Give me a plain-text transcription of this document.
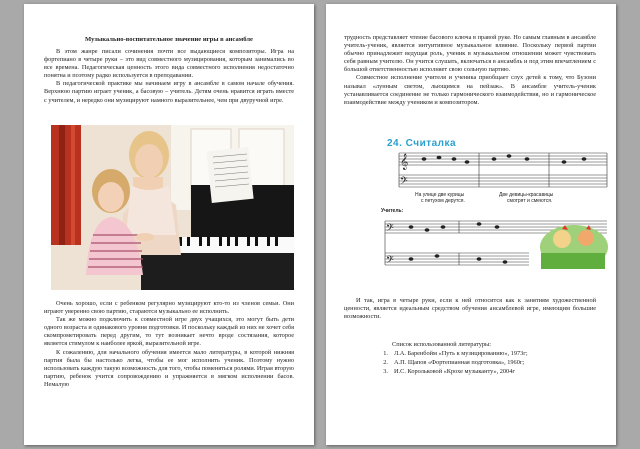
Музыкально-воспитательное значение игры в ансамбле

В этом жанре писали сочинения почти все выдающиеся композиторы. Игра на фортепиано в четыре руки – это вид совместного музицирования, которым занимались во все времена. Педагогическая ценность этого вида совместного исполнения недостаточно понятна и поэтому радко используется в преподавании.

В педагогической практике мы начинаем игру в ансамбле в самом начале обучения. Верхнюю партию играет ученик, а басовую – учитель. Детям очень нравится играть вместе с учителем, и нередко они музицируют намного выразительнее, чем при двуручной игре.

Очень хорошо, если с ребенком регулярно музицируют кто-то из членов семьи. Они играют уверенно свою партию, стараются музыкально ее исполнить.

Так же можно подключить к совместной игре двух учащихся, это могут быть дети одного возраста и одинакового уровня подготовки. И поскольку каждый из них не хочет себя скомпрометировать перед другим, то тут возникает нечто вроде состязания, которое является стимулом к наиболее яркой, выразительной игре.

К сожалению, для начального обучения имеется мало литературы, в которой нижняя партия была бы настолько легка, чтобы ее мог исполнить ученик. Поэтому нужно использовать каждую такую возможность для того, чтобы поменяться ролями. Играя вторую партию, ребенок учится сопровождению и упражняется в мягком исполнении басов. Немалую

трудность представляет чтение басового ключа в правой руке. Но самым главным в ансамбле учитель-ученик, является интуитивное музыкальное влияние. Поскольку первой партии обычно принадлежит ведущая роль, ученик в музыкальном отношении может чувствовать себя равным учителю. Он учится слушать, включаться в ансамбль и под этим впечатлением с большой ответственностью исполняет свою сольную партию.

Совместное исполнение учителя и ученика приобщает слух детей к тому, что Бузони называл «лунным светом, льющимся на пейзаж». В ансамбле учитель-ученик устанавливается соединение не только гармонического взаимодействия, но и гармоническое взаимодействие между учеником и композитором.

𝄞
𝄢
𝄢
𝄢
24. Считалка
На улице две курицы
с петухом дерутся.
Две девицы-красавицы
смотрят и смеются.
Учитель:

И так, игра в четыре руки, если к ней относится как к занятиям художественной ценности, является идеальным средством обучения ансамблевой игре, имеющим большие возможности.

Список использованной литературы:
1. Л.А. Баренбойм «Путь к музицированию», 1973г;
2. А.П. Щапов «Фортепианная подготовка», 1960г;
3. И.С. Корольковой «Крохе музыканту», 2004г
